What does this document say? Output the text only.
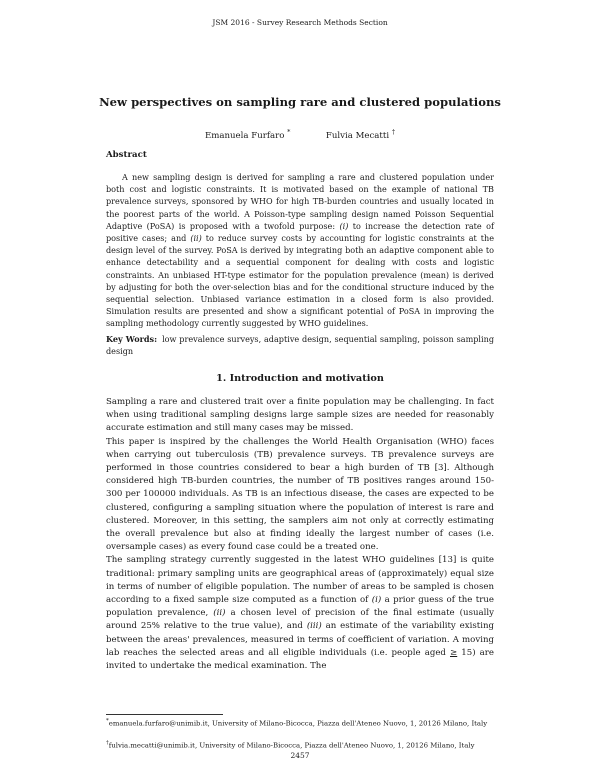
JSM 2016 - Survey Research Methods Section
New perspectives on sampling rare and clustered populations
Emanuela Furfaro *	Fulvia Mecatti †
Abstract

A new sampling design is derived for sampling a rare and clustered population under both cost and logistic constraints. It is motivated based on the example of national TB prevalence surveys, sponsored by WHO for high TB-burden countries and usually located in the poorest parts of the world. A Poisson-type sampling design named Poisson Sequential Adaptive (PoSA) is proposed with a twofold purpose: (i) to increase the detection rate of positive cases; and (ii) to reduce survey costs by accounting for logistic constraints at the design level of the survey. PoSA is derived by integrating both an adaptive component able to enhance detectability and a sequential component for dealing with costs and logistic constraints. An unbiased HT-type estimator for the population prevalence (mean) is derived by adjusting for both the over-selection bias and for the conditional structure induced by the sequential selection. Unbiased variance estimation in a closed form is also provided. Simulation results are presented and show a significant potential of PoSA in improving the sampling methodology currently suggested by WHO guidelines.

Key Words: low prevalence surveys, adaptive design, sequential sampling, poisson sampling design

1. Introduction and motivation

Sampling a rare and clustered trait over a finite population may be challenging. In fact when using traditional sampling designs large sample sizes are needed for reasonably accurate estimation and still many cases may be missed.

This paper is inspired by the challenges the World Health Organisation (WHO) faces when carrying out tuberculosis (TB) prevalence surveys. TB prevalence surveys are performed in those countries considered to bear a high burden of TB [3]. Although considered high TB-burden countries, the number of TB positives ranges around 150-300 per 100000 individuals. As TB is an infectious disease, the cases are expected to be clustered, configuring a sampling situation where the population of interest is rare and clustered. Moreover, in this setting, the samplers aim not only at correctly estimating the overall prevalence but also at finding ideally the largest number of cases (i.e. oversample cases) as every found case could be a treated one.

The sampling strategy currently suggested in the latest WHO guidelines [13] is quite traditional: primary sampling units are geographical areas of (approximately) equal size in terms of number of eligible population. The number of areas to be sampled is chosen according to a fixed sample size computed as a function of (i) a prior guess of the true population prevalence, (ii) a chosen level of precision of the final estimate (usually around 25% relative to the true value), and (iii) an estimate of the variability existing between the areas' prevalences, measured in terms of coefficient of variation. A moving lab reaches the selected areas and all eligible individuals (i.e. people aged ≥ 15) are invited to undertake the medical examination. The

*emanuela.furfaro@unimib.it, University of Milano-Bicocca, Piazza dell'Ateneo Nuovo, 1, 20126 Milano, Italy

†fulvia.mecatti@unimib.it, University of Milano-Bicocca, Piazza dell'Ateneo Nuovo, 1, 20126 Milano, Italy

2457
